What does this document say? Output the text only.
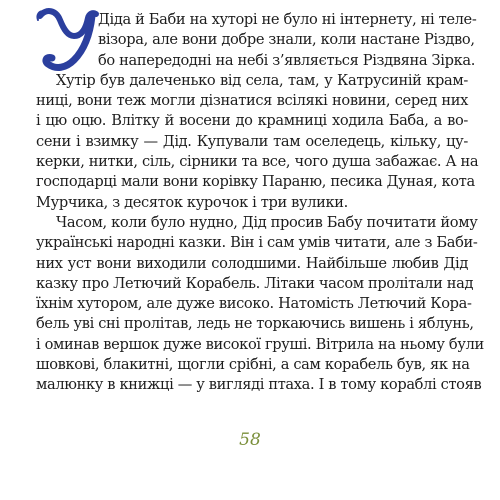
Діда й Баби на хуторі не було ні інтернету, ні теле-
візора, але вони добре знали, коли настане Різдво,
бо напередодні на небі з’являється Різдвяна Зірка.
Хутір був далеченько від села, там, у Катрусиній крам-
ниці, вони теж могли дізнатися всілякі новини, серед них
і цю оцю. Влітку й восени до крамниці ходила Баба, а во-
сени і взимку — Дід. Купували там оселедець, кільку, цу-
керки, нитки, сіль, сірники та все, чого душа забажає. А на
господарці мали вони корівку Параню, песика Дуная, кота
Мурчика, з десяток курочок і три вулики.
Часом, коли було нудно, Дід просив Бабу почитати йому
українські народні казки. Він і сам умів читати, але з Баби-
них уст вони виходили солодшими. Найбільше любив Дід
казку про Летючий Корабель. Літаки часом пролітали над
їхнім хутором, але дуже високо. Натомість Летючий Кора-
бель уві сні пролітав, ледь не торкаючись вишень і яблунь,
і оминав вершок дуже високої груші. Вітрила на ньому були
шовкові, блакитні, щогли срібні, а сам корабель був, як на
малюнку в книжці — у вигляді птаха. І в тому кораблі стояв
58
